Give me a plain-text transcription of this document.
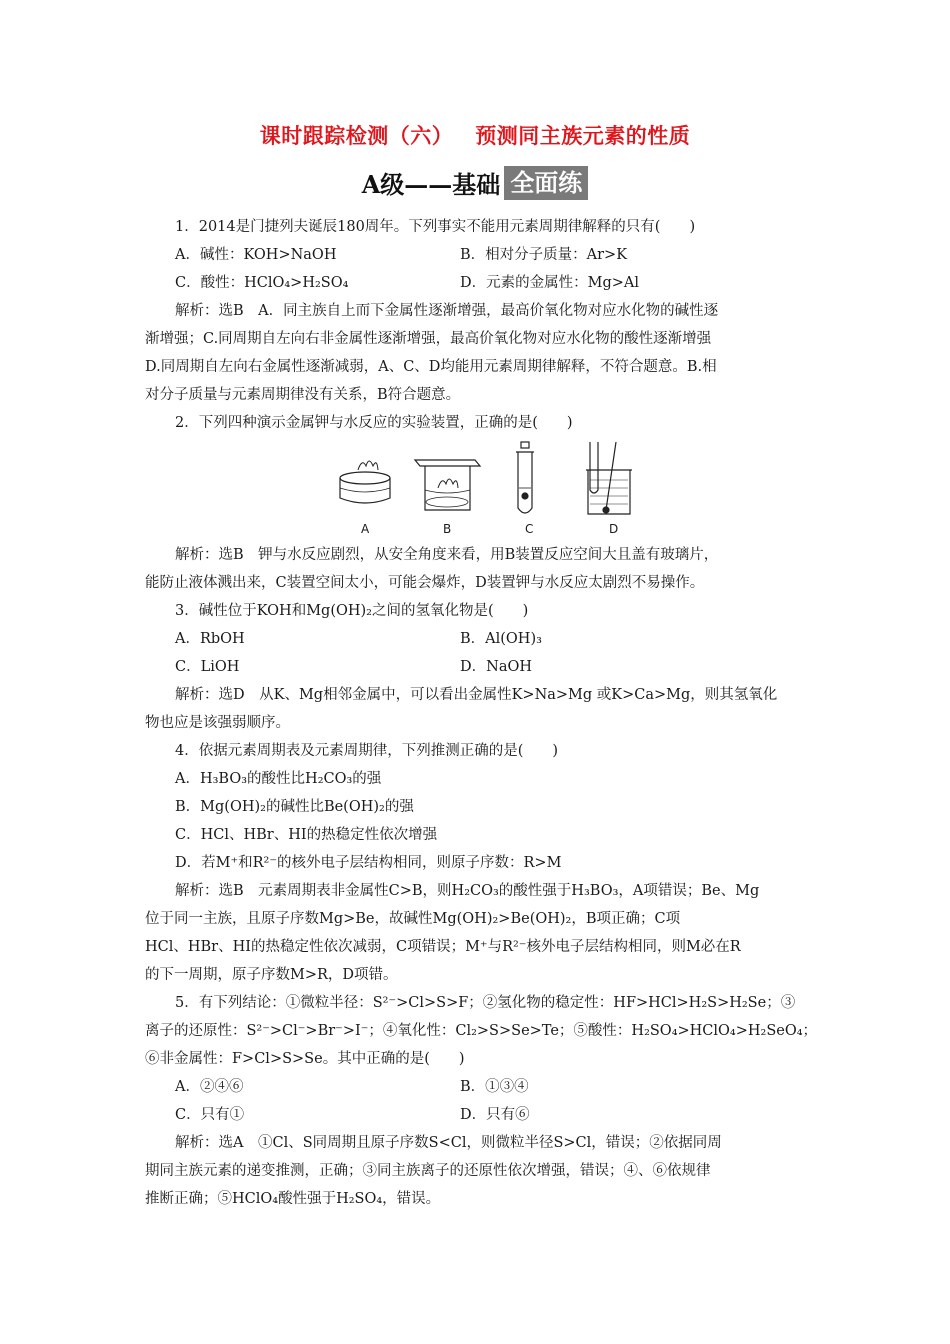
课时跟踪检测（六） 预测同主族元素的性质
A级——基础 全面练
1．2014是门捷列夫诞辰180周年。下列事实不能用元素周期律解释的只有(　　)
A．碱性：KOH>NaOH	B．相对分子质量：Ar>K
C．酸性：HClO₄>H₂SO₄	D．元素的金属性：Mg>Al
解析：选B　A．同主族自上而下金属性逐渐增强，最高价氧化物对应水化物的碱性逐
渐增强；C.同周期自左向右非金属性逐渐增强，最高价氧化物对应水化物的酸性逐渐增强
D.同周期自左向右金属性逐渐减弱，A、C、D均能用元素周期律解释，不符合题意。B.相
对分子质量与元素周期律没有关系，B符合题意。
2．下列四种演示金属钾与水反应的实验装置，正确的是(　　)
A	B	C	D
解析：选B　钾与水反应剧烈，从安全角度来看，用B装置反应空间大且盖有玻璃片，
能防止液体溅出来，C装置空间太小，可能会爆炸，D装置钾与水反应太剧烈不易操作。
3．碱性位于KOH和Mg(OH)₂之间的氢氧化物是(　　)
A．RbOH	B．Al(OH)₃
C．LiOH	D．NaOH
解析：选D　从K、Mg相邻金属中，可以看出金属性K>Na>Mg 或K>Ca>Mg，则其氢氧化
物也应是该强弱顺序。
4．依据元素周期表及元素周期律，下列推测正确的是(　　)
A．H₃BO₃的酸性比H₂CO₃的强
B．Mg(OH)₂的碱性比Be(OH)₂的强
C．HCl、HBr、HI的热稳定性依次增强
D．若M⁺和R²⁻的核外电子层结构相同，则原子序数：R>M
解析：选B　元素周期表非金属性C>B，则H₂CO₃的酸性强于H₃BO₃，A项错误；Be、Mg
位于同一主族，且原子序数Mg>Be，故碱性Mg(OH)₂>Be(OH)₂，B项正确；C项
HCl、HBr、HI的热稳定性依次减弱，C项错误；M⁺与R²⁻核外电子层结构相同，则M必在R
的下一周期，原子序数M>R，D项错。
5．有下列结论：①微粒半径：S²⁻>Cl>S>F；②氢化物的稳定性：HF>HCl>H₂S>H₂Se；③
离子的还原性：S²⁻>Cl⁻>Br⁻>I⁻；④氧化性：Cl₂>S>Se>Te；⑤酸性：H₂SO₄>HClO₄>H₂SeO₄；
⑥非金属性：F>Cl>S>Se。其中正确的是(　　)
A．②④⑥	B．①③④
C．只有①	D．只有⑥
解析：选A　①Cl、S同周期且原子序数S<Cl，则微粒半径S>Cl，错误；②依据同周
期同主族元素的递变推测，正确；③同主族离子的还原性依次增强，错误；④、⑥依规律
推断正确；⑤HClO₄酸性强于H₂SO₄，错误。
